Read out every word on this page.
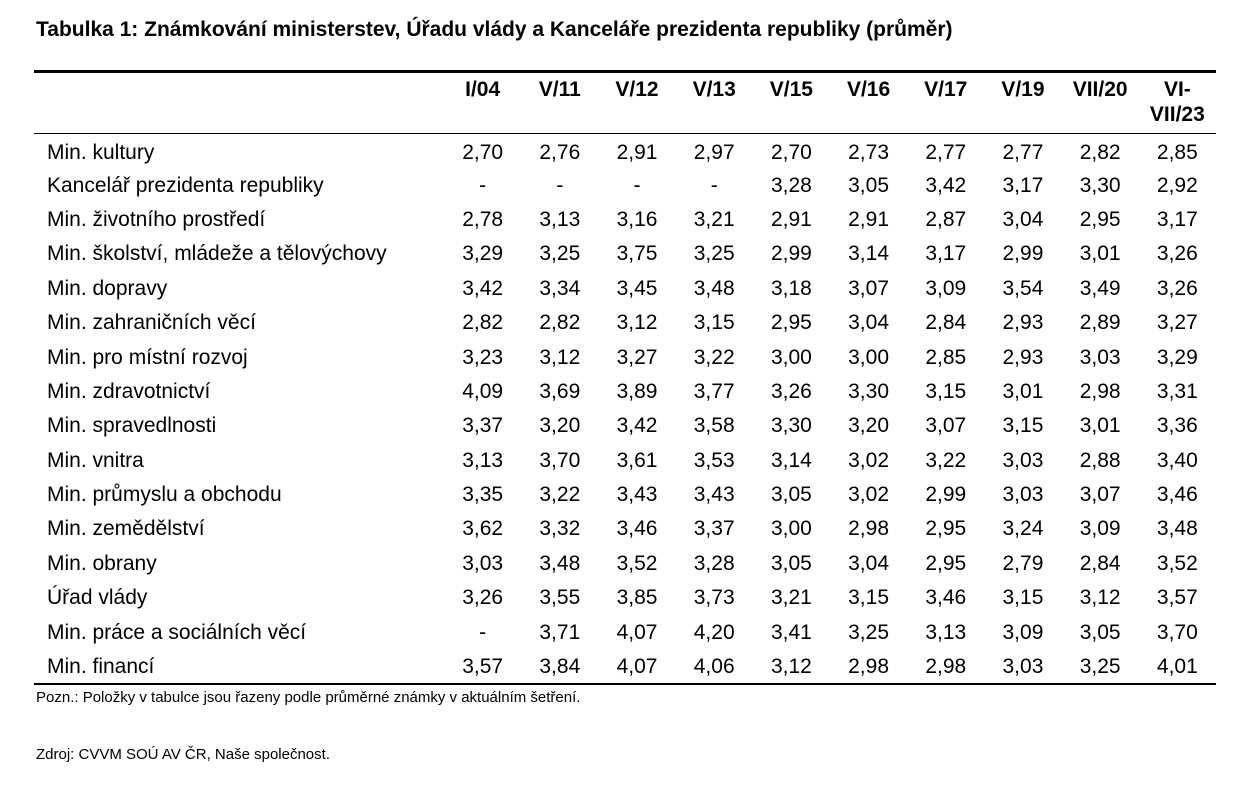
Tabulka 1: Známkování ministerstev, Úřadu vlády a Kanceláře prezidenta republiky (průměr)
	I/04	V/11	V/12	V/13	V/15	V/16	V/17	V/19	VII/20	VI-
VII/23
Min. kultury	2,70	2,76	2,91	2,97	2,70	2,73	2,77	2,77	2,82	2,85
Kancelář prezidenta republiky	-	-	-	-	3,28	3,05	3,42	3,17	3,30	2,92
Min. životního prostředí	2,78	3,13	3,16	3,21	2,91	2,91	2,87	3,04	2,95	3,17
Min. školství, mládeže a tělovýchovy	3,29	3,25	3,75	3,25	2,99	3,14	3,17	2,99	3,01	3,26
Min. dopravy	3,42	3,34	3,45	3,48	3,18	3,07	3,09	3,54	3,49	3,26
Min. zahraničních věcí	2,82	2,82	3,12	3,15	2,95	3,04	2,84	2,93	2,89	3,27
Min. pro místní rozvoj	3,23	3,12	3,27	3,22	3,00	3,00	2,85	2,93	3,03	3,29
Min. zdravotnictví	4,09	3,69	3,89	3,77	3,26	3,30	3,15	3,01	2,98	3,31
Min. spravedlnosti	3,37	3,20	3,42	3,58	3,30	3,20	3,07	3,15	3,01	3,36
Min. vnitra	3,13	3,70	3,61	3,53	3,14	3,02	3,22	3,03	2,88	3,40
Min. průmyslu a obchodu	3,35	3,22	3,43	3,43	3,05	3,02	2,99	3,03	3,07	3,46
Min. zemědělství	3,62	3,32	3,46	3,37	3,00	2,98	2,95	3,24	3,09	3,48
Min. obrany	3,03	3,48	3,52	3,28	3,05	3,04	2,95	2,79	2,84	3,52
Úřad vlády	3,26	3,55	3,85	3,73	3,21	3,15	3,46	3,15	3,12	3,57
Min. práce a sociálních věcí	-	3,71	4,07	4,20	3,41	3,25	3,13	3,09	3,05	3,70
Min. financí	3,57	3,84	4,07	4,06	3,12	2,98	2,98	3,03	3,25	4,01
Pozn.: Položky v tabulce jsou řazeny podle průměrné známky v aktuálním šetření.
Zdroj: CVVM SOÚ AV ČR, Naše společnost.
